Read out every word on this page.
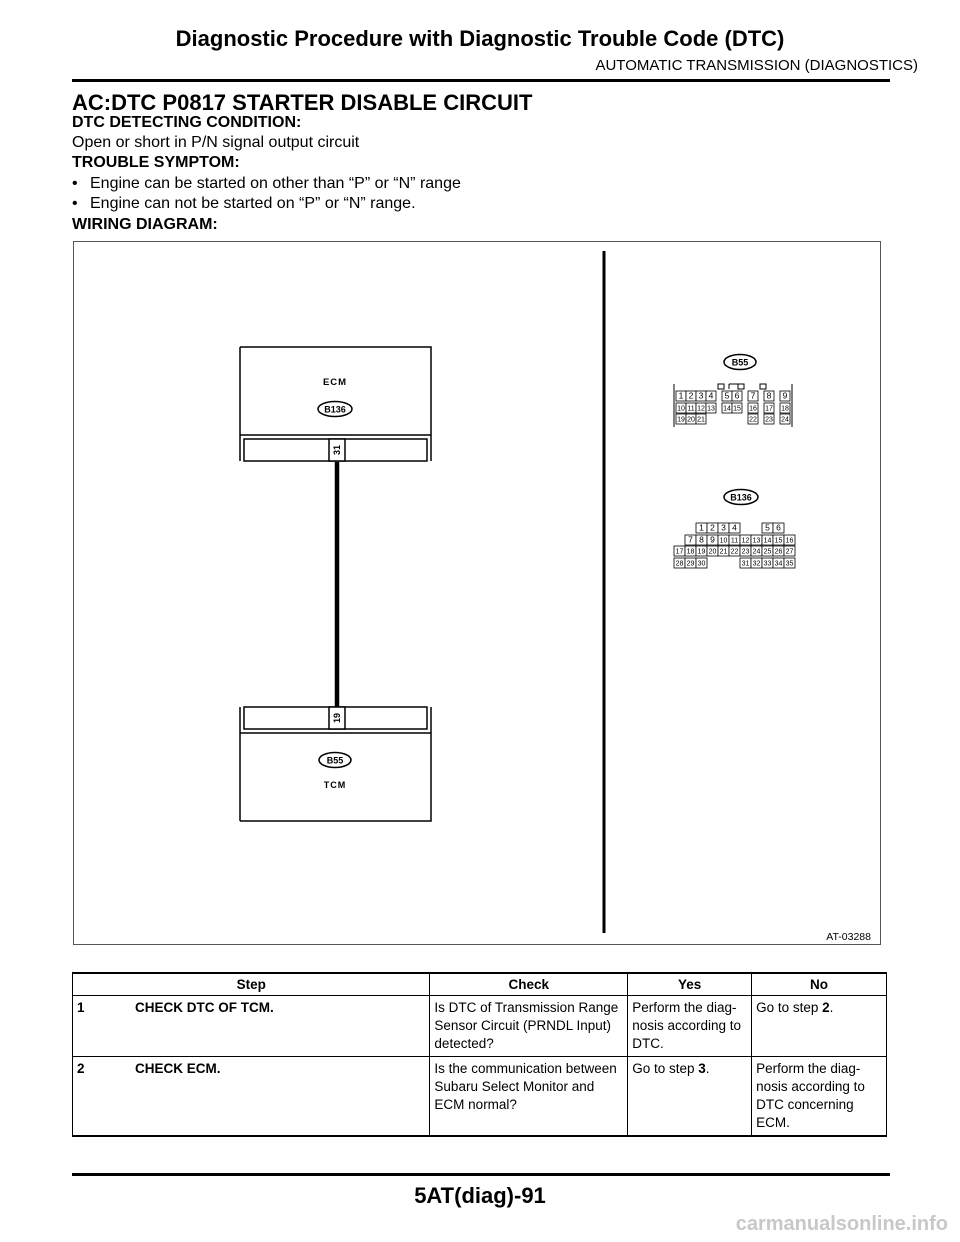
Diagnostic Procedure with Diagnostic Trouble Code (DTC)
AUTOMATIC TRANSMISSION (DIAGNOSTICS)
AC:DTC P0817 STARTER DISABLE CIRCUIT
DTC DETECTING CONDITION:
Open or short in P/N signal output circuit
TROUBLE SYMPTOM:
• Engine can be started on other than “P” or “N” range
• Engine can not be started on “P” or “N” range.
WIRING DIAGRAM:
ECM
B136
31
19
B55
TCM
B55
1 2 3 4 5 6 7 8 9
10 11 12 13 14 15 16 17 18
19 20 21	22 23 24
B136
1 2 3 4	5 6
7 8 9 10 11 12 13 14 15 16
17 18 19 20 21 22 23 24 25 26 27
28 29 30	31 32 33 34 35
AT-03288
Step	Check	Yes	No
1 CHECK DTC OF TCM.	Is DTC of Transmission Range Sensor Circuit (PRNDL Input) detected?	Perform the diag-nosis according to DTC.	Go to step 2.
2 CHECK ECM.	Is the communication between Subaru Select Monitor and ECM normal?	Go to step 3.	Perform the diag-nosis according to DTC concerning ECM.
5AT(diag)-91
carmanualsonline.info
